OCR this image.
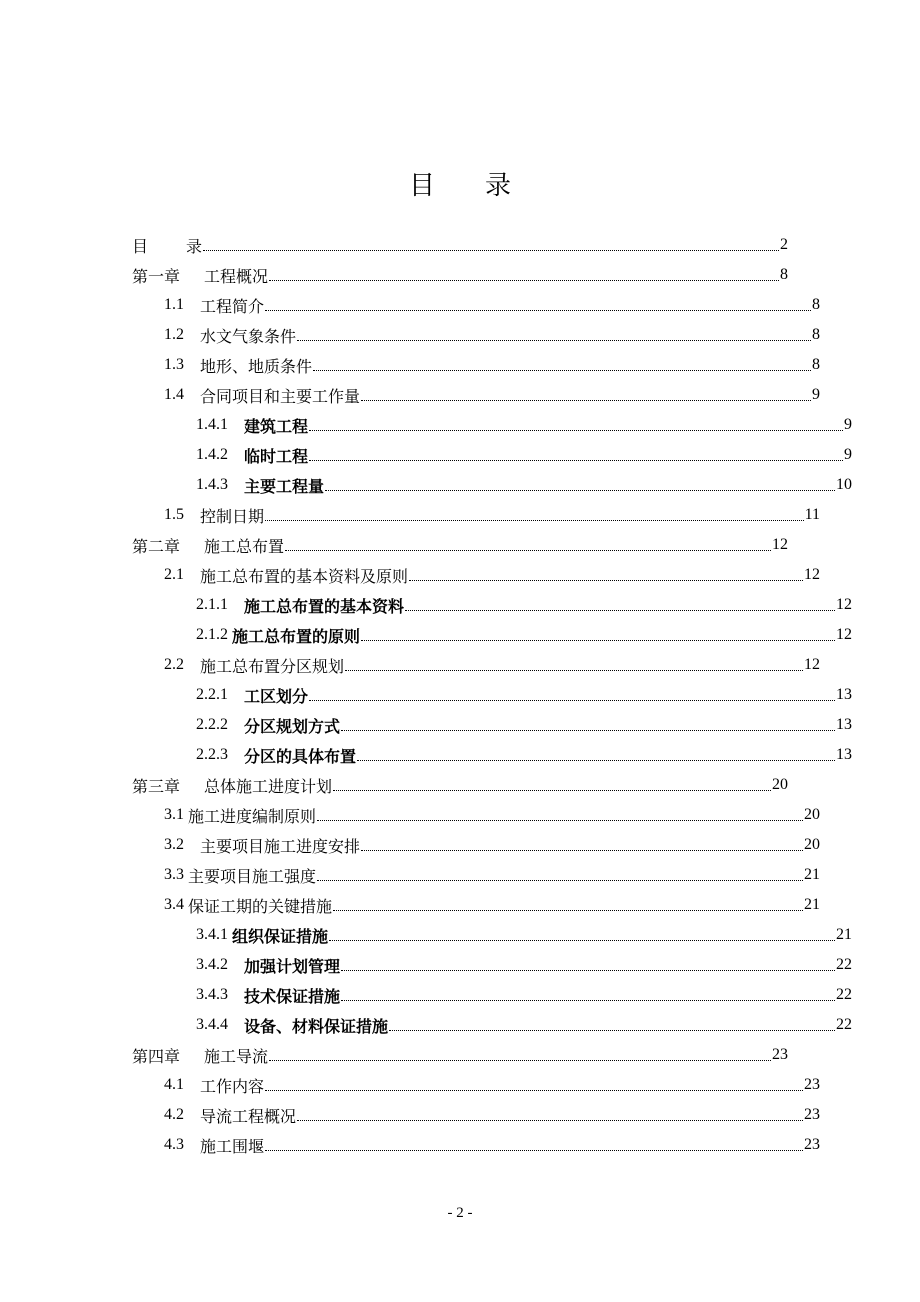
目 录
目 录	2
第一章 工程概况	8
1.1 工程简介	8
1.2 水文气象条件	8
1.3 地形、地质条件	8
1.4 合同项目和主要工作量	9
1.4.1 建筑工程	9
1.4.2 临时工程	9
1.4.3 主要工程量	10
1.5 控制日期	11
第二章 施工总布置	12
2.1 施工总布置的基本资料及原则	12
2.1.1 施工总布置的基本资料	12
2.1.2 施工总布置的原则	12
2.2 施工总布置分区规划	12
2.2.1 工区划分	13
2.2.2 分区规划方式	13
2.2.3 分区的具体布置	13
第三章 总体施工进度计划	20
3.1 施工进度编制原则	20
3.2 主要项目施工进度安排	20
3.3 主要项目施工强度	21
3.4 保证工期的关键措施	21
3.4.1 组织保证措施	21
3.4.2 加强计划管理	22
3.4.3 技术保证措施	22
3.4.4 设备、材料保证措施	22
第四章 施工导流	23
4.1 工作内容	23
4.2 导流工程概况	23
4.3 施工围堰	23
- 2 -
